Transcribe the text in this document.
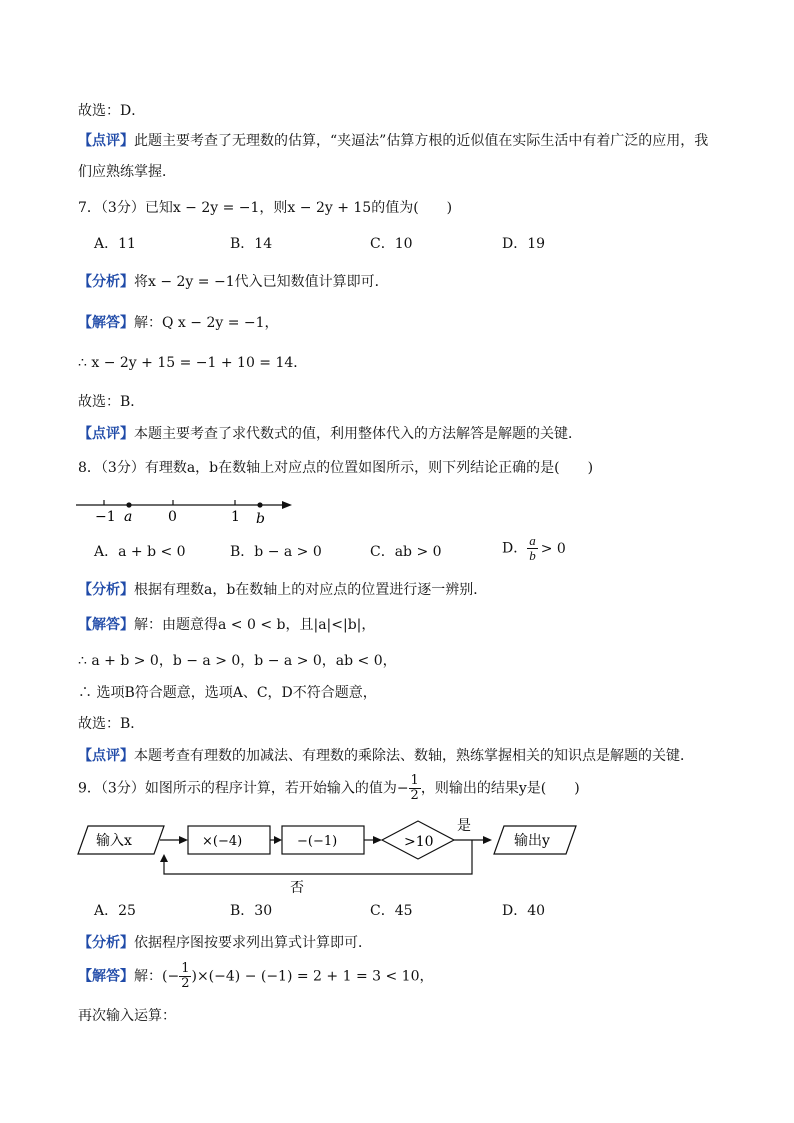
故选：D．
【点评】此题主要考查了无理数的估算，“夹逼法”估算方根的近似值在实际生活中有着广泛的应用，我
们应熟练掌握．
7．（3分）已知x − 2y = −1，则x − 2y + 15的值为(　　)
A．11	B．14	C．10	D．19
【分析】将x − 2y = −1代入已知数值计算即可．
【解答】解：Q x − 2y = −1，
∴ x − 2y + 15 = −1 + 10 = 14．
故选：B．
【点评】本题主要考查了求代数式的值，利用整体代入的方法解答是解题的关键．
8．（3分）有理数a，b在数轴上对应点的位置如图所示，则下列结论正确的是(　　)
−1 a	0	1 b
A．a + b < 0	B．b − a > 0	C．ab > 0	D． $\frac{a}{b} > 0$
【分析】根据有理数a，b在数轴上的对应点的位置进行逐一辨别．
【解答】解：由题意得a < 0 < b，且|a|<|b|，
∴ a + b > 0，b − a > 0，b − a > 0，ab < 0，
∴ 选项B符合题意，选项A、C，D不符合题意，
故选：B．
【点评】本题考查有理数的加减法、有理数的乘除法、数轴，熟练掌握相关的知识点是解题的关键．
9．（3分）如图所示的程序计算，若开始输入的值为− $\frac{1}{2}$ ，则输出的结果y是(　　)
输入x	×(−4)	−(−1)	>10
是
输出y
否
A．25	B．30	C．45	D．40
【分析】依据程序图按要求列出算式计算即可．
【解答】解：(− $\frac{1}{2} )\times(-4) - (-1) = 2 + 1 = 3 < 10$，
再次输入运算：
